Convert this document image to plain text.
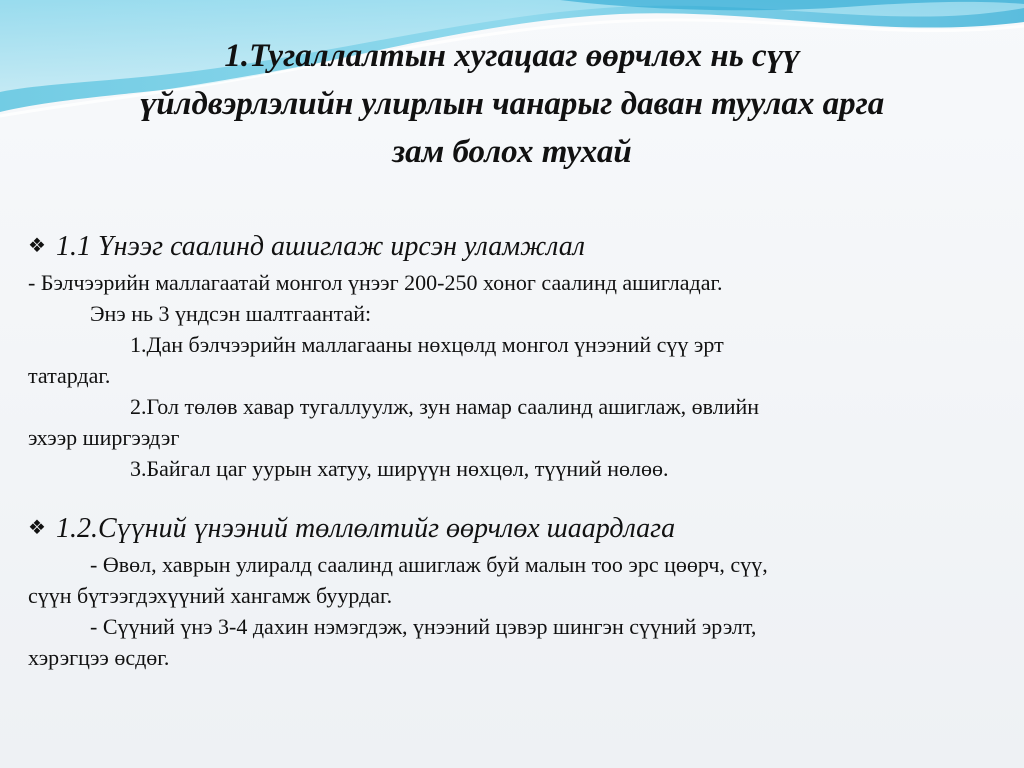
1.Тугаллалтын хугацааг өөрчлөх нь сүү
үйлдвэрлэлийн улирлын чанарыг даван туулах арга
зам болох тухай

❖ 1.1 Үнээг саалинд ашиглаж ирсэн уламжлал

- Бэлчээрийн маллагаатай монгол үнээг 200-250 хоног саалинд ашигладаг.

Энэ нь 3 үндсэн шалтгаантай:

1.Дан бэлчээрийн маллагааны нөхцөлд монгол үнээний сүү эрт

татардаг.

2.Гол төлөв хавар тугаллуулж, зун намар саалинд ашиглаж, өвлийн

эхээр ширгээдэг

3.Байгал цаг уурын хатуу, ширүүн нөхцөл, түүний нөлөө.

❖ 1.2.Сүүний үнээний төллөлтийг өөрчлөх шаардлага

- Өвөл, хаврын улиралд саалинд ашиглаж буй малын тоо эрс цөөрч, сүү,

сүүн бүтээгдэхүүний хангамж буурдаг.

- Сүүний үнэ 3-4 дахин нэмэгдэж, үнээний цэвэр шингэн сүүний эрэлт,

хэрэгцээ өсдөг.
